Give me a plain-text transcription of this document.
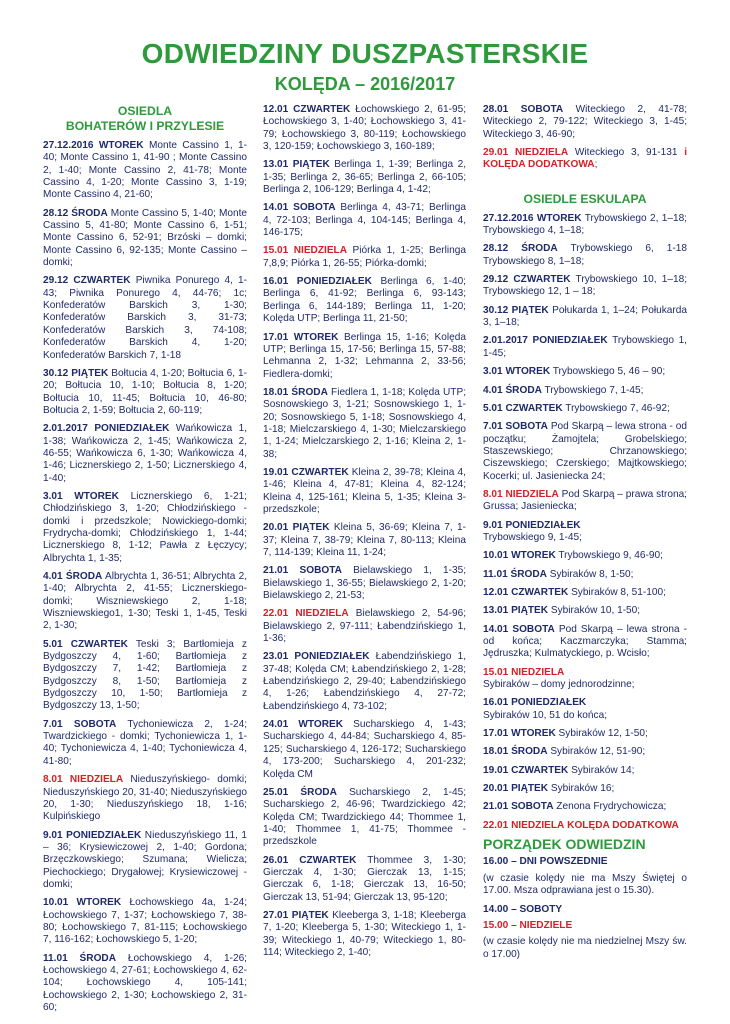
ODWIEDZINY DUSZPASTERSKIE
KOLĘDA – 2016/2017
OSIEDLA
BOHATERÓW I PRZYLESIE
27.12.2016 WTOREK Monte Cassino 1, 1-40; Monte Cassino 1, 41-90 ; Monte Cassino 2, 1-40; Monte Cassino 2, 41-78; Monte Cassino 4, 1-20; Monte Cassino 3, 1-19; Monte Cassino 4, 21-60;
28.12 ŚRODA Monte Cassino 5, 1-40; Monte Cassino 5, 41-80; Monte Cassino 6, 1-51; Monte Cassino 6, 52-91; Brzóski – domki; Monte Cassino 6, 92-135; Monte Cassino – domki;
29.12 CZWARTEK Piwnika Ponurego 4, 1-43; Piwnika Ponurego 4, 44-76; 1c; Konfederatów Barskich 3, 1-30; Konfederatów Barskich 3, 31-73; Konfederatów Barskich 3, 74-108; Konfederatów Barskich 4, 1-20; Konfederatów Barskich 7, 1-18
30.12 PIĄTEK Bołtucia 4, 1-20; Bołtucia 6, 1-20; Bołtucia 10, 1-10; Bołtucia 8, 1-20; Bołtucia 10, 11-45; Bołtucia 10, 46-80; Bołtucia 2, 1-59; Bołtucia 2, 60-119;
2.01.2017 PONIEDZIAŁEK Wańkowicza 1, 1-38; Wańkowicza 2, 1-45; Wańkowicza 2, 46-55; Wańkowicza 6, 1-30; Wańkowicza 4, 1-46; Licznerskiego 2, 1-50; Licznerskiego 4, 1-40;
3.01 WTOREK Licznerskiego 6, 1-21; Chłodzińskiego 3, 1-20; Chłodzińskiego -domki i przedszkole; Nowickiego-domki; Frydrycha-domki; Chłodzińskiego 1, 1-44; Licznerskiego 8, 1-12; Pawła z Łęczycy; Albrychta 1, 1-35;
4.01 ŚRODA Albrychta 1, 36-51; Albrychta 2, 1-40; Albrychta 2, 41-55; Licznerskiego-domki; Wiszniewskiego 2, 1-18; Wiszniewskiego1, 1-30; Teski 1, 1-45, Teski 2, 1-30;
5.01 CZWARTEK Teski 3; Bartłomieja z Bydgoszczy 4, 1-60; Bartłomieja z Bydgoszczy 7, 1-42; Bartłomieja z Bydgoszczy 8, 1-50; Bartłomieja z Bydgoszczy 10, 1-50; Bartłomieja z Bydgoszczy 13, 1-50;
7.01 SOBOTA Tychoniewicza 2, 1-24; Twardzickiego - domki; Tychoniewicza 1, 1-40; Tychoniewicza 4, 1-40; Tychoniewicza 4, 41-80;
8.01 NIEDZIELA Nieduszyńskiego- domki; Nieduszyńskiego 20, 31-40; Nieduszyńskiego 20, 1-30; Nieduszyńskiego 18, 1-16; Kulpińskiego
9.01 PONIEDZIAŁEK Nieduszyńskiego 11, 1 – 36; Krysiewiczowej 2, 1-40; Gordona; Brzęczkowskiego; Szumana; Wielicza; Piechockiego; Drygałowej; Krysiewiczowej -domki;
10.01 WTOREK Łochowskiego 4a, 1-24; Łochowskiego 7, 1-37; Łochowskiego 7, 38-80; Łochowskiego 7, 81-115; Łochowskiego 7, 116-162; Łochowskiego 5, 1-20;
11.01 ŚRODA Łochowskiego 4, 1-26; Łochowskiego 4, 27-61; Łochowskiego 4, 62-104; Łochowskiego 4, 105-141; Łochowskiego 2, 1-30; Łochowskiego 2, 31-60;
12.01 CZWARTEK Łochowskiego 2, 61-95; Łochowskiego 3, 1-40; Łochowskiego 3, 41-79; Łochowskiego 3, 80-119; Łochowskiego 3, 120-159; Łochowskiego 3, 160-189;
13.01 PIĄTEK Berlinga 1, 1-39; Berlinga 2, 1-35; Berlinga 2, 36-65; Berlinga 2, 66-105; Berlinga 2, 106-129; Berlinga 4, 1-42;
14.01 SOBOTA Berlinga 4, 43-71; Berlinga 4, 72-103; Berlinga 4, 104-145; Berlinga 4, 146-175;
15.01 NIEDZIELA Piórka 1, 1-25; Berlinga 7,8,9; Piórka 1, 26-55; Piórka-domki;
16.01 PONIEDZIAŁEK Berlinga 6, 1-40; Berlinga 6, 41-92; Berlinga 6, 93-143; Berlinga 6, 144-189; Berlinga 11, 1-20; Kolęda UTP; Berlinga 11, 21-50;
17.01 WTOREK Berlinga 15, 1-16; Kolęda UTP; Berlinga 15, 17-56; Berlinga 15, 57-88; Lehmanna 2, 1-32; Lehmanna 2, 33-56; Fiedlera-domki;
18.01 ŚRODA Fiedlera 1, 1-18; Kolęda UTP; Sosnowskiego 3, 1-21; Sosnowskiego 1, 1-20; Sosnowskiego 5, 1-18; Sosnowskiego 4, 1-18; Mielczarskiego 4, 1-30; Mielczarskiego 1, 1-24; Mielczarskiego 2, 1-16; Kleina 2, 1-38;
19.01 CZWARTEK Kleina 2, 39-78; Kleina 4, 1-46; Kleina 4, 47-81; Kleina 4, 82-124; Kleina 4, 125-161; Kleina 5, 1-35; Kleina 3-przedszkole;
20.01 PIĄTEK Kleina 5, 36-69; Kleina 7, 1-37; Kleina 7, 38-79; Kleina 7, 80-113; Kleina 7, 114-139; Kleina 11, 1-24;
21.01 SOBOTA Bielawskiego 1, 1-35; Bielawskiego 1, 36-55; Bielawskiego 2, 1-20; Bielawskiego 2, 21-53;
22.01 NIEDZIELA Bielawskiego 2, 54-96; Bielawskiego 2, 97-111; Łabendzińskiego 1, 1-36;
23.01 PONIEDZIAŁEK Łabendzińskiego 1, 37-48; Kolęda CM; Łabendzińskiego 2, 1-28; Łabendzińskiego 2, 29-40; Łabendzińskiego 4, 1-26; Łabendzińskiego 4, 27-72; Łabendzińskiego 4, 73-102;
24.01 WTOREK Sucharskiego 4, 1-43; Sucharskiego 4, 44-84; Sucharskiego 4, 85-125; Sucharskiego 4, 126-172; Sucharskiego 4, 173-200; Sucharskiego 4, 201-232; Kolęda CM
25.01 ŚRODA Sucharskiego 2, 1-45; Sucharskiego 2, 46-96; Twardzickiego 42; Kolęda CM; Twardzickiego 44; Thommee 1, 1-40; Thommee 1, 41-75; Thommee -przedszkole
26.01 CZWARTEK Thommee 3, 1-30; Gierczak 4, 1-30; Gierczak 13, 1-15; Gierczak 6, 1-18; Gierczak 13, 16-50; Gierczak 13, 51-94; Gierczak 13, 95-120;
27.01 PIĄTEK Kleeberga 3, 1-18; Kleeberga 7, 1-20; Kleeberga 5, 1-30; Witeckiego 1, 1-39; Witeckiego 1, 40-79; Witeckiego 1, 80-114; Witeckiego 2, 1-40;
28.01 SOBOTA Witeckiego 2, 41-78; Witeckiego 2, 79-122; Witeckiego 3, 1-45; Witeckiego 3, 46-90;
29.01 NIEDZIELA Witeckiego 3, 91-131 i KOLĘDA DODATKOWA;
OSIEDLE ESKULAPA
27.12.2016 WTOREK Trybowskiego 2, 1–18; Trybowskiego 4, 1–18;
28.12 ŚRODA Trybowskiego 6, 1-18 Trybowskiego 8, 1–18;
29.12 CZWARTEK Trybowskiego 10, 1–18; Trybowskiego 12, 1 – 18;
30.12 PIĄTEK Połukarda 1, 1–24; Połukarda 3, 1–18;
2.01.2017 PONIEDZIAŁEK Trybowskiego 1, 1-45;
3.01 WTOREK Trybowskiego 5, 46 – 90;
4.01 ŚRODA Trybowskiego 7, 1-45;
5.01 CZWARTEK Trybowskiego 7, 46-92;
7.01 SOBOTA Pod Skarpą – lewa strona - od początku; Żamojtela; Grobelskiego; Staszewskiego; Chrzanowskiego; Ciszewskiego; Czerskiego; Majtkowskiego; Kocerki; ul. Jasieniecka 24;
8.01 NIEDZIELA Pod Skarpą – prawa strona; Grussa; Jasieniecka;
9.01 PONIEDZIAŁEK
Trybowskiego 9, 1-45;
10.01 WTOREK Trybowskiego 9, 46-90;
11.01 ŚRODA Sybiraków 8, 1-50;
12.01 CZWARTEK Sybiraków 8, 51-100;
13.01 PIĄTEK Sybiraków 10, 1-50;
14.01 SOBOTA Pod Skarpą – lewa strona - od końca; Kaczmarczyka; Stamma; Jędruszka; Kulmatyckiego, p. Wcisło;
15.01 NIEDZIELA
Sybiraków – domy jednorodzinne;
16.01 PONIEDZIAŁEK
Sybiraków 10, 51 do końca;
17.01 WTOREK Sybiraków 12, 1-50;
18.01 ŚRODA Sybiraków 12, 51-90;
19.01 CZWARTEK Sybiraków 14;
20.01 PIĄTEK Sybiraków 16;
21.01 SOBOTA Zenona Frydrychowicza;
22.01 NIEDZIELA KOLĘDA DODATKOWA
PORZĄDEK ODWIEDZIN
16.00 – DNI POWSZEDNIE
(w czasie kolędy nie ma Mszy Świętej o 17.00. Msza odprawiana jest o 15.30).
14.00 – SOBOTY
15.00 – NIEDZIELE
(w czasie kolędy nie ma niedzielnej Mszy św. o 17.00)
